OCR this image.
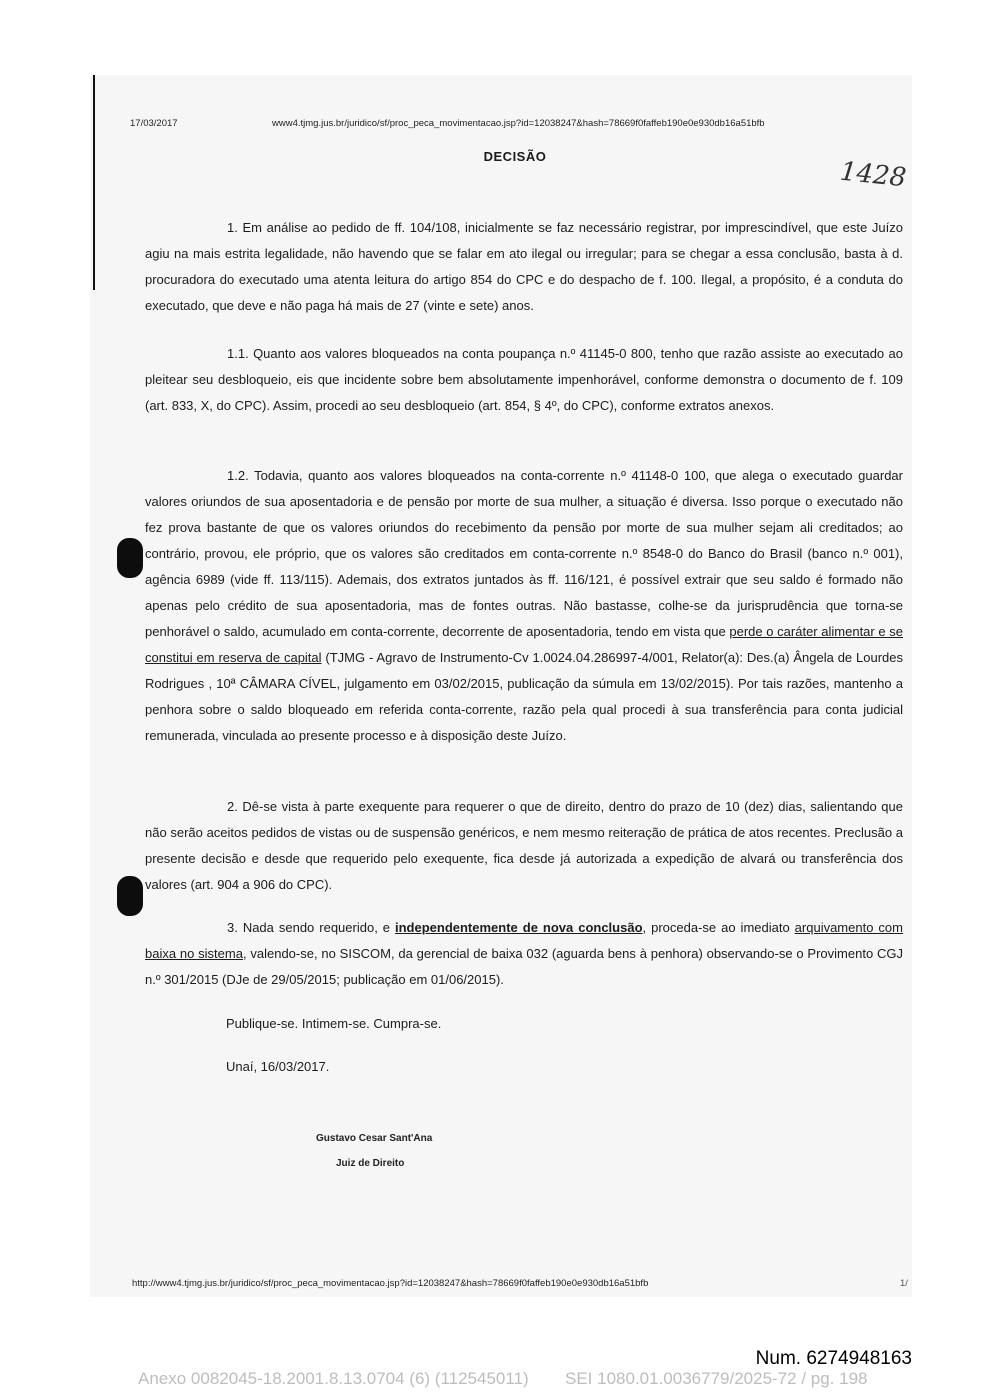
17/03/2017	www4.tjmg.jus.br/juridico/sf/proc_peca_movimentacao.jsp?id=12038247&hash=78669f0faffeb190e0e930db16a51bfb
DECISÃO
1428
1. Em análise ao pedido de ff. 104/108, inicialmente se faz necessário registrar, por imprescindível, que este Juízo agiu na mais estrita legalidade, não havendo que se falar em ato ilegal ou irregular; para se chegar a essa conclusão, basta à d. procuradora do executado uma atenta leitura do artigo 854 do CPC e do despacho de f. 100. Ilegal, a propósito, é a conduta do executado, que deve e não paga há mais de 27 (vinte e sete) anos.
1.1. Quanto aos valores bloqueados na conta poupança n.º 41145-0 800, tenho que razão assiste ao executado ao pleitear seu desbloqueio, eis que incidente sobre bem absolutamente impenhorável, conforme demonstra o documento de f. 109 (art. 833, X, do CPC). Assim, procedi ao seu desbloqueio (art. 854, § 4º, do CPC), conforme extratos anexos.
1.2. Todavia, quanto aos valores bloqueados na conta-corrente n.º 41148-0 100, que alega o executado guardar valores oriundos de sua aposentadoria e de pensão por morte de sua mulher, a situação é diversa. Isso porque o executado não fez prova bastante de que os valores oriundos do recebimento da pensão por morte de sua mulher sejam ali creditados; ao contrário, provou, ele próprio, que os valores são creditados em conta-corrente n.º 8548-0 do Banco do Brasil (banco n.º 001), agência 6989 (vide ff. 113/115). Ademais, dos extratos juntados às ff. 116/121, é possível extrair que seu saldo é formado não apenas pelo crédito de sua aposentadoria, mas de fontes outras. Não bastasse, colhe-se da jurisprudência que torna-se penhorável o saldo, acumulado em conta-corrente, decorrente de aposentadoria, tendo em vista que perde o caráter alimentar e se constitui em reserva de capital (TJMG - Agravo de Instrumento-Cv 1.0024.04.286997-4/001, Relator(a): Des.(a) Ângela de Lourdes Rodrigues , 10ª CÂMARA CÍVEL, julgamento em 03/02/2015, publicação da súmula em 13/02/2015). Por tais razões, mantenho a penhora sobre o saldo bloqueado em referida conta-corrente, razão pela qual procedi à sua transferência para conta judicial remunerada, vinculada ao presente processo e à disposição deste Juízo.
2. Dê-se vista à parte exequente para requerer o que de direito, dentro do prazo de 10 (dez) dias, salientando que não serão aceitos pedidos de vistas ou de suspensão genéricos, e nem mesmo reiteração de prática de atos recentes. Preclusão a presente decisão e desde que requerido pelo exequente, fica desde já autorizada a expedição de alvará ou transferência dos valores (art. 904 a 906 do CPC).
3. Nada sendo requerido, e independentemente de nova conclusão, proceda-se ao imediato arquivamento com baixa no sistema, valendo-se, no SISCOM, da gerencial de baixa 032 (aguarda bens à penhora) observando-se o Provimento CGJ n.º 301/2015 (DJe de 29/05/2015; publicação em 01/06/2015).
Publique-se. Intimem-se. Cumpra-se.
Unaí, 16/03/2017.
Gustavo Cesar Sant'Ana
Juiz de Direito
http://www4.tjmg.jus.br/juridico/sf/proc_peca_movimentacao.jsp?id=12038247&hash=78669f0faffeb190e0e930db16a51bfb	1/
Num. 6274948163
Anexo 0082045-18.2001.8.13.0704 (6) (112545011) SEI 1080.01.0036779/2025-72 / pg. 198
